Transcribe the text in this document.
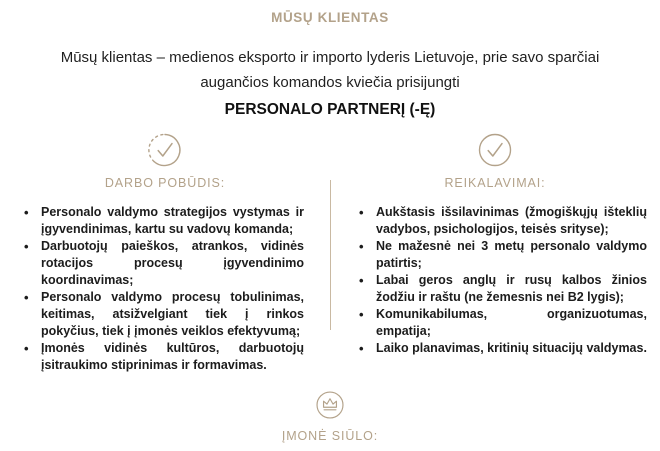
MŪSŲ KLIENTAS
Mūsų klientas – medienos eksporto ir importo lyderis Lietuvoje, prie savo sparčiai augančios komandos kviečia prisijungti
PERSONALO PARTNERĮ (-Ę)
DARBO POBŪDIS:
• Personalo valdymo strategijos vystymas ir įgyvendinimas, kartu su vadovų komanda;
• Darbuotojų paieškos, atrankos, vidinės rotacijos procesų įgyvendinimo koordinavimas;
• Personalo valdymo procesų tobulinimas, keitimas, atsižvelgiant tiek į rinkos pokyčius, tiek į įmonės veiklos efektyvumą;
• Įmonės vidinės kultūros, darbuotojų įsitraukimo stiprinimas ir formavimas.
REIKALAVIMAI:
• Aukštasis išsilavinimas (žmogiškųjų išteklių vadybos, psichologijos, teisės srityse);
• Ne mažesnė nei 3 metų personalo valdymo patirtis;
• Labai geros anglų ir rusų kalbos žinios žodžiu ir raštu (ne žemesnis nei B2 lygis);
• Komunikabilumas, organizuotumas, empatija;
• Laiko planavimas, kritinių situacijų valdymas.
ĮMONĖ SIŪLO:
